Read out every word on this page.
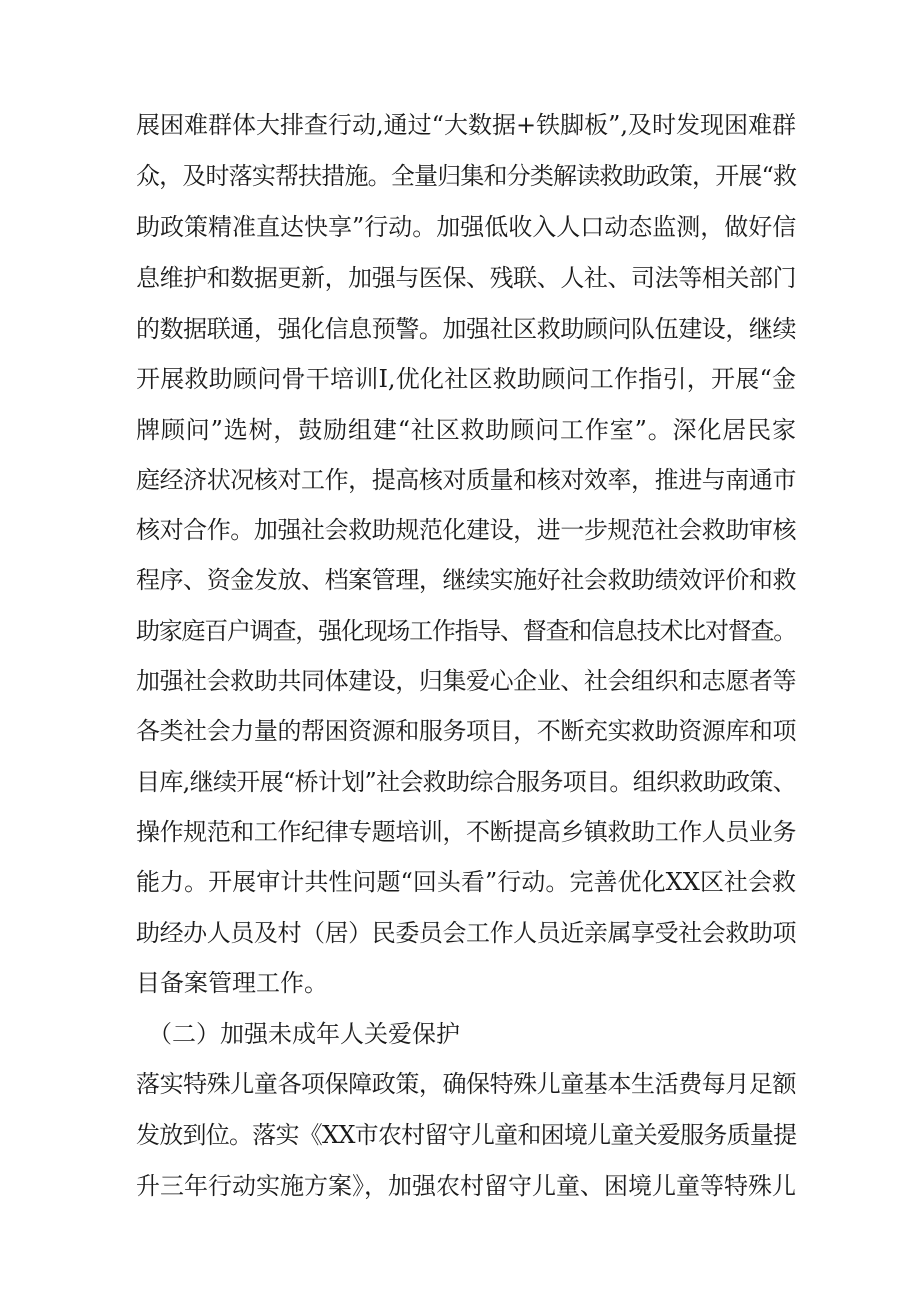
展困难群体大排查行动,通过“大数据+铁脚板”,及时发现困难群
众，及时落实帮扶措施。全量归集和分类解读救助政策，开展“救
助政策精准直达快享”行动。加强低收入人口动态监测，做好信
息维护和数据更新，加强与医保、残联、人社、司法等相关部门
的数据联通，强化信息预警。加强社区救助顾问队伍建设，继续
开展救助顾问骨干培训I,优化社区救助顾问工作指引，开展“金
牌顾问”选树，鼓励组建“社区救助顾问工作室”。深化居民家
庭经济状况核对工作，提高核对质量和核对效率，推进与南通市
核对合作。加强社会救助规范化建设，进一步规范社会救助审核
程序、资金发放、档案管理，继续实施好社会救助绩效评价和救
助家庭百户调查，强化现场工作指导、督查和信息技术比对督查。
加强社会救助共同体建设，归集爱心企业、社会组织和志愿者等
各类社会力量的帮困资源和服务项目，不断充实救助资源库和项
目库,继续开展“桥计划”社会救助综合服务项目。组织救助政策、
操作规范和工作纪律专题培训，不断提高乡镇救助工作人员业务
能力。开展审计共性问题“回头看”行动。完善优化XX区社会救
助经办人员及村（居）民委员会工作人员近亲属享受社会救助项
目备案管理工作。
（二）加强未成年人关爱保护
落实特殊儿童各项保障政策，确保特殊儿童基本生活费每月足额
发放到位。落实《XX市农村留守儿童和困境儿童关爱服务质量提
升三年行动实施方案》，加强农村留守儿童、困境儿童等特殊儿
